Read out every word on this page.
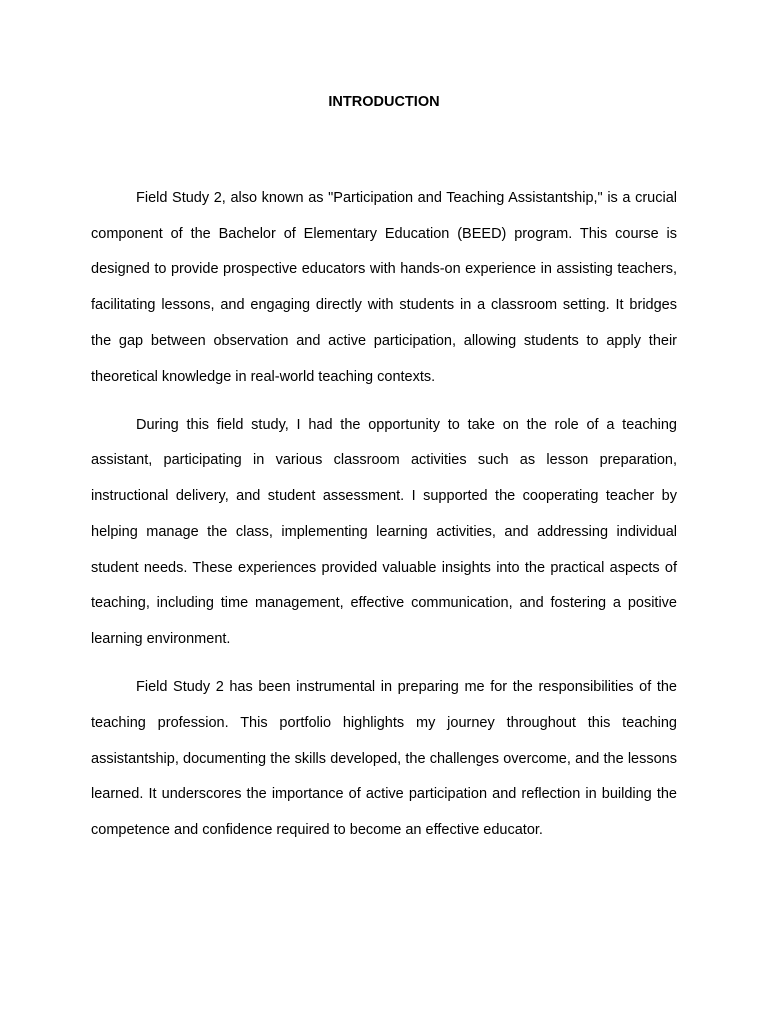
INTRODUCTION

Field Study 2, also known as "Participation and Teaching Assistantship," is a crucial component of the Bachelor of Elementary Education (BEED) program. This course is designed to provide prospective educators with hands-on experience in assisting teachers, facilitating lessons, and engaging directly with students in a classroom setting. It bridges the gap between observation and active participation, allowing students to apply their theoretical knowledge in real-world teaching contexts.

During this field study, I had the opportunity to take on the role of a teaching assistant, participating in various classroom activities such as lesson preparation, instructional delivery, and student assessment. I supported the cooperating teacher by helping manage the class, implementing learning activities, and addressing individual student needs. These experiences provided valuable insights into the practical aspects of teaching, including time management, effective communication, and fostering a positive learning environment.

Field Study 2 has been instrumental in preparing me for the responsibilities of the teaching profession. This portfolio highlights my journey throughout this teaching assistantship, documenting the skills developed, the challenges overcome, and the lessons learned. It underscores the importance of active participation and reflection in building the competence and confidence required to become an effective educator.
